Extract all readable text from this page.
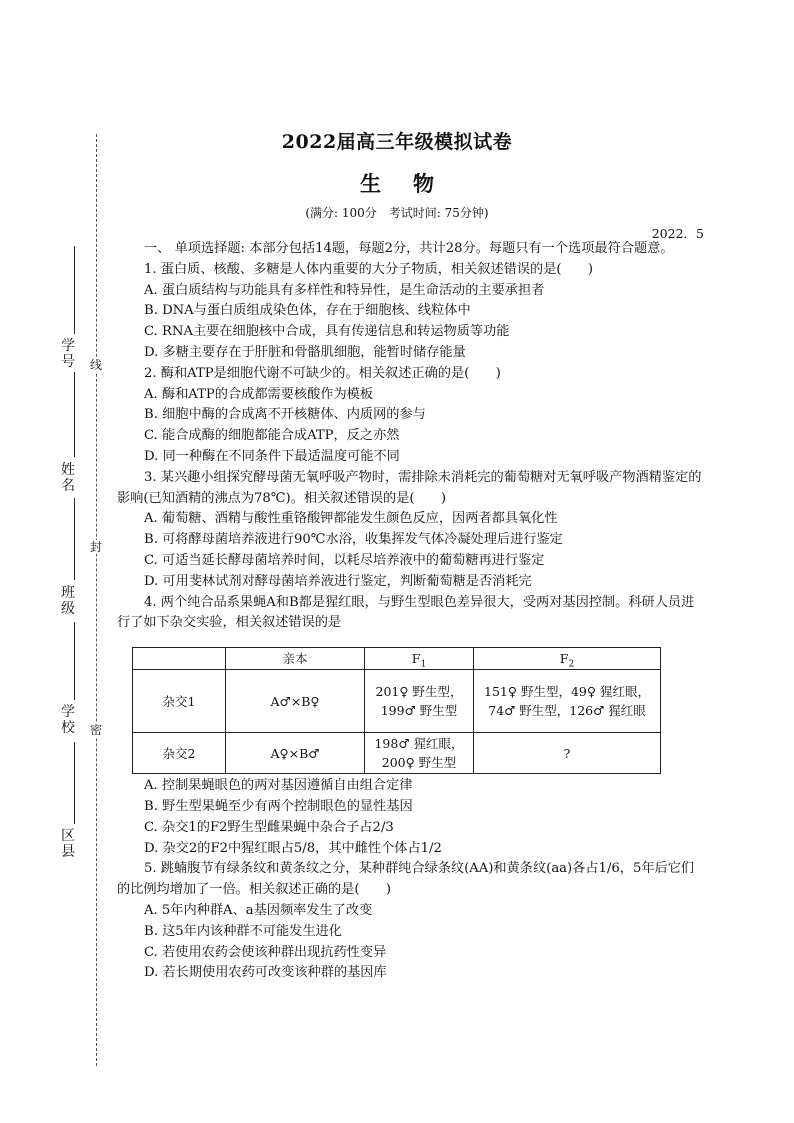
线
封
密
学号
姓名
班级
学校
区县
2022届高三年级模拟试卷
生物
(满分: 100分　考试时间: 75分钟)
2022．5

一、 单项选择题: 本部分包括14题，每题2分，共计28分。每题只有一个选项最符合题意。

1. 蛋白质、核酸、多糖是人体内重要的大分子物质，相关叙述错误的是(　　)

A. 蛋白质结构与功能具有多样性和特异性，是生命活动的主要承担者

B. DNA与蛋白质组成染色体，存在于细胞核、线粒体中

C. RNA主要在细胞核中合成，具有传递信息和转运物质等功能

D. 多糖主要存在于肝脏和骨骼肌细胞，能暂时储存能量

2. 酶和ATP是细胞代谢不可缺少的。相关叙述正确的是(　　)

A. 酶和ATP的合成都需要核酸作为模板

B. 细胞中酶的合成离不开核糖体、内质网的参与

C. 能合成酶的细胞都能合成ATP，反之亦然

D. 同一种酶在不同条件下最适温度可能不同

3. 某兴趣小组探究酵母菌无氧呼吸产物时，需排除未消耗完的葡萄糖对无氧呼吸产物酒精鉴定的影响(已知酒精的沸点为78℃)。相关叙述错误的是(　　)

A. 葡萄糖、酒精与酸性重铬酸钾都能发生颜色反应，因两者都具氧化性

B. 可将酵母菌培养液进行90℃水浴，收集挥发气体冷凝处理后进行鉴定

C. 可适当延长酵母菌培养时间，以耗尽培养液中的葡萄糖再进行鉴定

D. 可用斐林试剂对酵母菌培养液进行鉴定，判断葡萄糖是否消耗完

4. 两个纯合品系果蝇A和B都是猩红眼，与野生型眼色差异很大，受两对基因控制。科研人员进行了如下杂交实验，相关叙述错误的是

	亲本	$F_1$	$F_2$
杂交1	A♂×B♀	201♀ 野生型，199♂ 野生型	151♀ 野生型，49♀ 猩红眼，74♂ 野生型，126♂ 猩红眼
杂交2	A♀×B♂	198♂ 猩红眼，200♀ 野生型	?

A. 控制果蝇眼色的两对基因遵循自由组合定律

B. 野生型果蝇至少有两个控制眼色的显性基因

C. 杂交1的F2野生型雌果蝇中杂合子占2/3

D. 杂交2的F2中猩红眼占5/8，其中雌性个体占1/2

5. 跳蝻腹节有绿条纹和黄条纹之分，某种群纯合绿条纹(AA)和黄条纹(aa)各占1/6，5年后它们的比例均增加了一倍。相关叙述正确的是(　　)

A. 5年内种群A、a基因频率发生了改变

B. 这5年内该种群不可能发生进化

C. 若使用农药会使该种群出现抗药性变异

D. 若长期使用农药可改变该种群的基因库
